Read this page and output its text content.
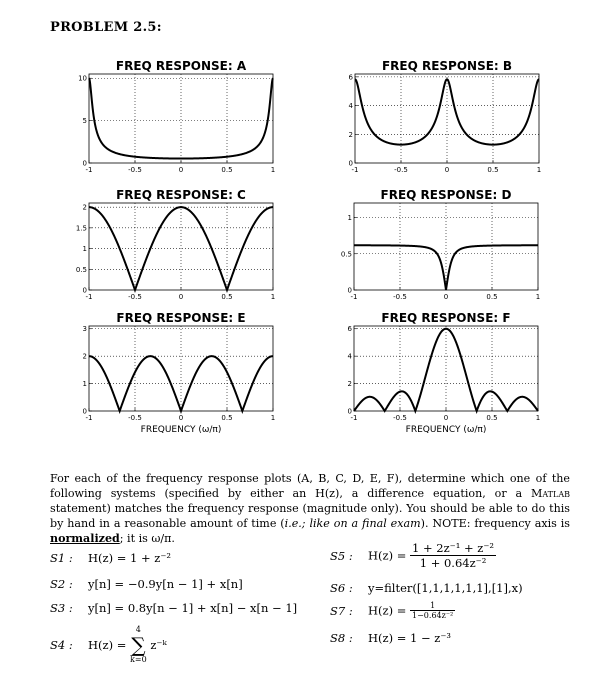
PROBLEM 2.5:
FREQ RESPONSE: A
-1	-0.5	0	0.5	1
0
5
10
FREQ RESPONSE: B
-1	-0.5	0	0.5	1
0
2
4
6
FREQ RESPONSE: C
-1	-0.5	0	0.5	1
0
0.5
1
1.5
2
FREQ RESPONSE: D
-1	-0.5	0	0.5	1
0
0.5
1
FREQ RESPONSE: E
-1	-0.5	0	0.5	1
0
1
2
3
FREQUENCY (ω/π)
FREQ RESPONSE: F
-1	-0.5	0	0.5	1
0
2
4
6
FREQUENCY (ω/π)
For each of the frequency response plots (A, B, C, D, E, F), determine which one of the following systems (specified by either an H(z), a difference equation, or a Matlab statement) matches the frequency response (magnitude only). You should be able to do this by hand in a reasonable amount of time (i.e.; like on a final exam). NOTE: frequency axis is normalized; it is ω/π.
S1 : H(z) = 1 + z⁻²
S2 : y[n] = −0.9y[n − 1] + x[n]
S3 : y[n] = 0.8y[n − 1] + x[n] − x[n − 1]
S4 : H(z) =
4
∑
k=0
z⁻ᵏ
S5 : $H(z) = \frac{\text{1 + 2z⁻¹ + z⁻²}}{\text{1 + 0.64z⁻²}}$
S6 : y=filter([1,1,1,1,1,1],[1],x)
S7 : $H(z) = \frac{1}{\text{1−0.64z⁻²}}$
S8 : H(z) = 1 − z⁻³
